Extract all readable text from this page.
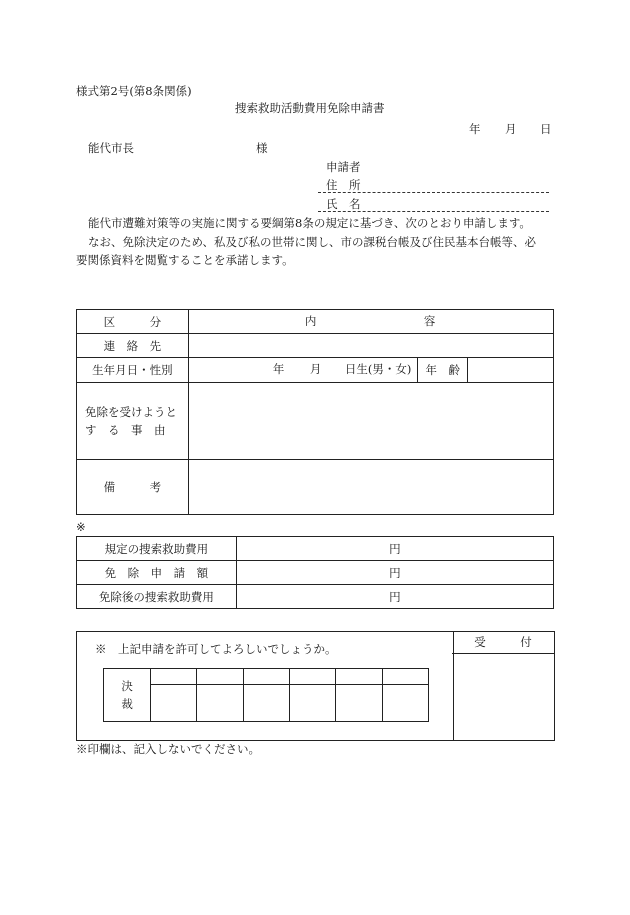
様式第2号(第8条関係)
捜索救助活動費用免除申請書
年 月 日
能代市長	様
申請者
住　所
氏　名
能代市遭難対策等の実施に関する要綱第8条の規定に基づき、次のとおり申請します。
なお、免除決定のため、私及び私の世帯に関し、市の課税台帳及び住民基本台帳等、必
要関係資料を閲覧することを承諾します。
区　　　分	内 容		

連　絡　先			
生年月日・性別	年 月 日生(男・女)	年　齢	

免除を受けようと
す　る　事　由			

備　　　考			
※
規定の捜索救助費用	円
免　除　申　請　額	円
免除後の捜索救助費用	円
※　上記申請を許可してよろしいでしょうか。
決
裁						

受　　　付
※印欄は、記入しないでください。
